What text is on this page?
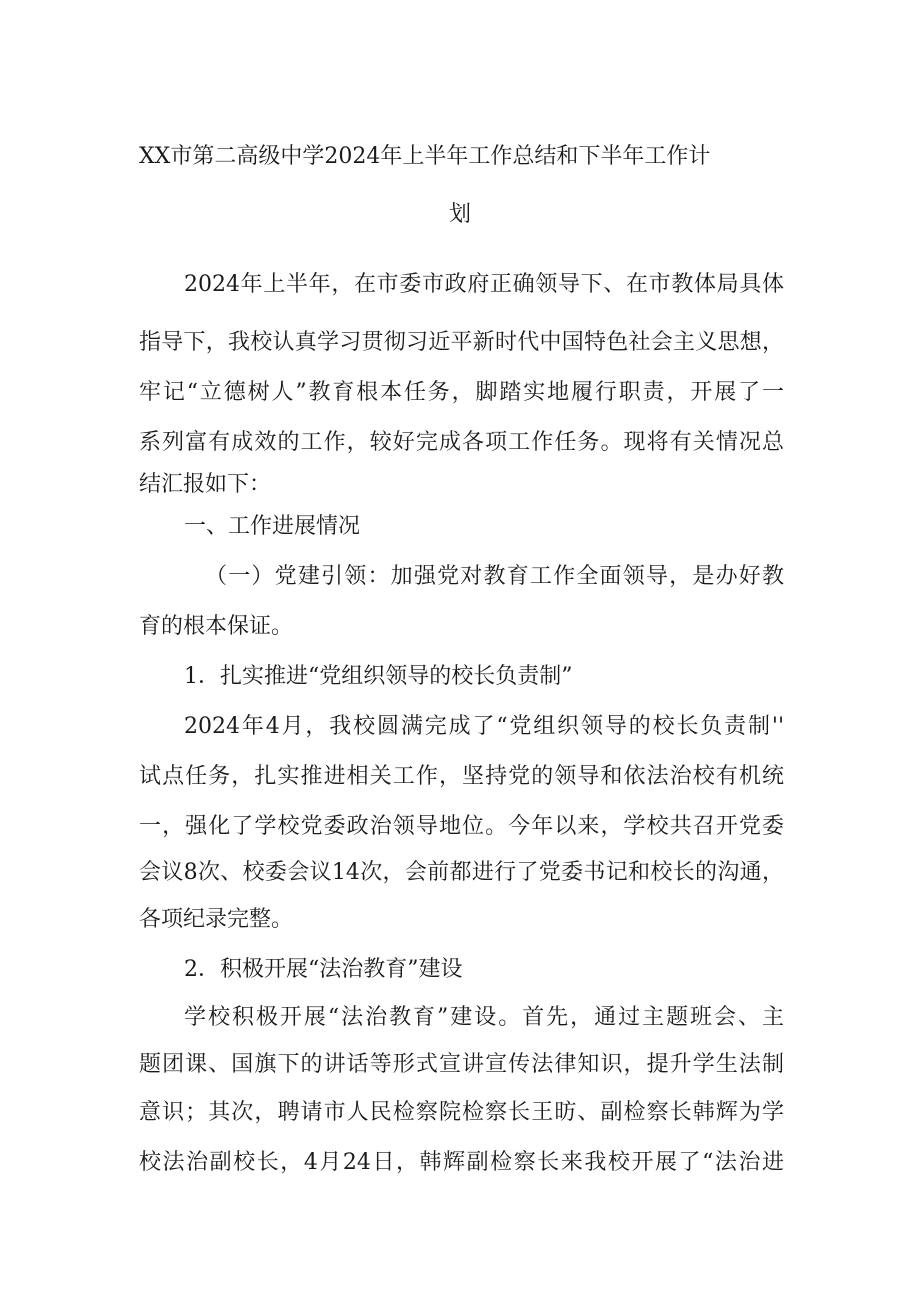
XX市第二高级中学2024年上半年工作总结和下半年工作计
划
2024年上半年，在市委市政府正确领导下、在市教体局具体
指导下，我校认真学习贯彻习近平新时代中国特色社会主义思想，
牢记“立德树人”教育根本任务，脚踏实地履行职责，开展了一
系列富有成效的工作，较好完成各项工作任务。现将有关情况总
结汇报如下：
一、工作进展情况
（一）党建引领：加强党对教育工作全面领导，是办好教
育的根本保证。
1．扎实推进“党组织领导的校长负责制”
2024年4月，我校圆满完成了“党组织领导的校长负责制''
试点任务，扎实推进相关工作，坚持党的领导和依法治校有机统
一，强化了学校党委政治领导地位。今年以来，学校共召开党委
会议8次、校委会议14次，会前都进行了党委书记和校长的沟通，
各项纪录完整。
2．积极开展“法治教育”建设
学校积极开展“法治教育”建设。首先，通过主题班会、主
题团课、国旗下的讲话等形式宣讲宣传法律知识，提升学生法制
意识；其次，聘请市人民检察院检察长王昉、副检察长韩辉为学
校法治副校长，4月24日，韩辉副检察长来我校开展了“法治进
